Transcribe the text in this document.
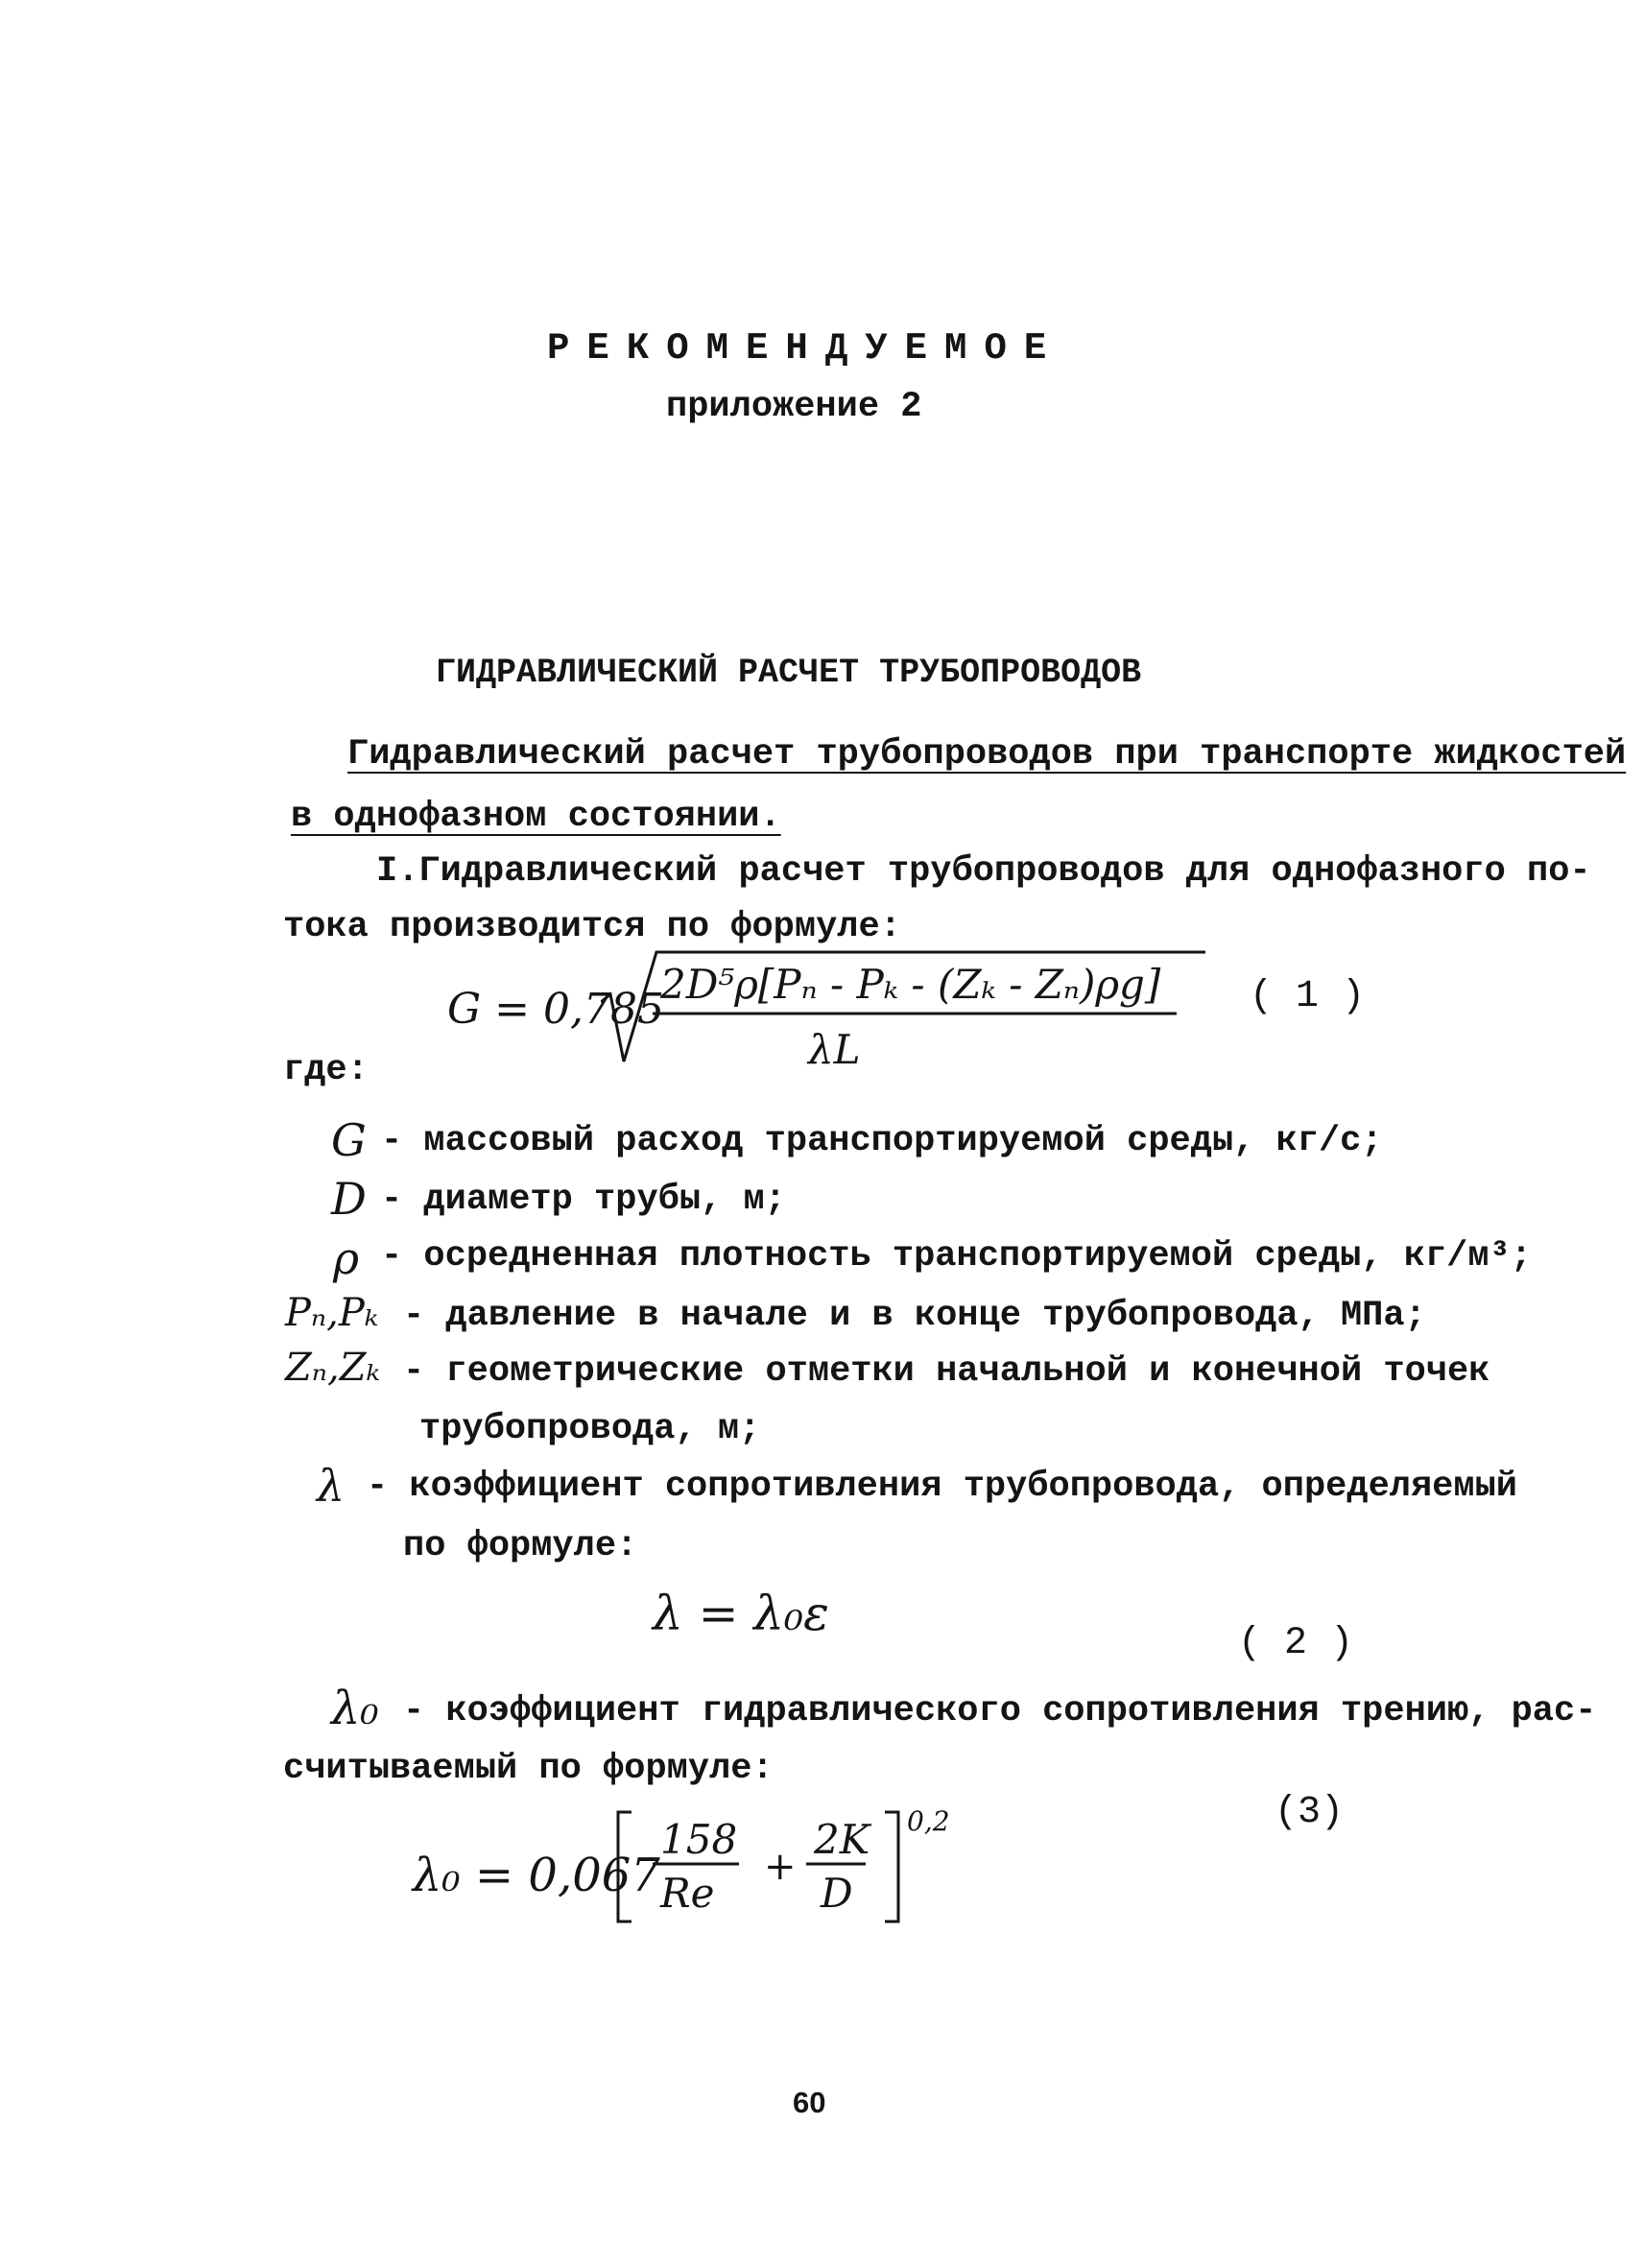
РЕКОМЕНДУЕМОЕ
приложение 2
ГИДРАВЛИЧЕСКИЙ РАСЧЕТ ТРУБОПРОВОДОВ
Гидравлический расчет трубопроводов при транспорте жидкостей
в однофазном состоянии.
I.Гидравлический расчет трубопроводов для однофазного по-
тока производится по формуле:
G = 0,785
2D⁵ρ[Pₙ - Pₖ - (Zₖ - Zₙ)ρg]
λL
( 1 )
где:
G - массовый расход транспортируемой среды, кг/с;
D - диаметр трубы, м;
ρ - осредненная плотность транспортируемой среды, кг/м³;
Pₙ,Pₖ - давление в начале и в конце трубопровода, МПа;
Zₙ,Zₖ - геометрические отметки начальной и конечной точек
трубопровода, м;
λ - коэффициент сопротивления трубопровода, определяемый
по формуле:
λ = λ₀ε
( 2 )
λ₀ - коэффициент гидравлического сопротивления трению, рас-
считываемый по формуле:
(3)
λ₀ = 0,067
158
Re
+
2K
D
0,2
60
